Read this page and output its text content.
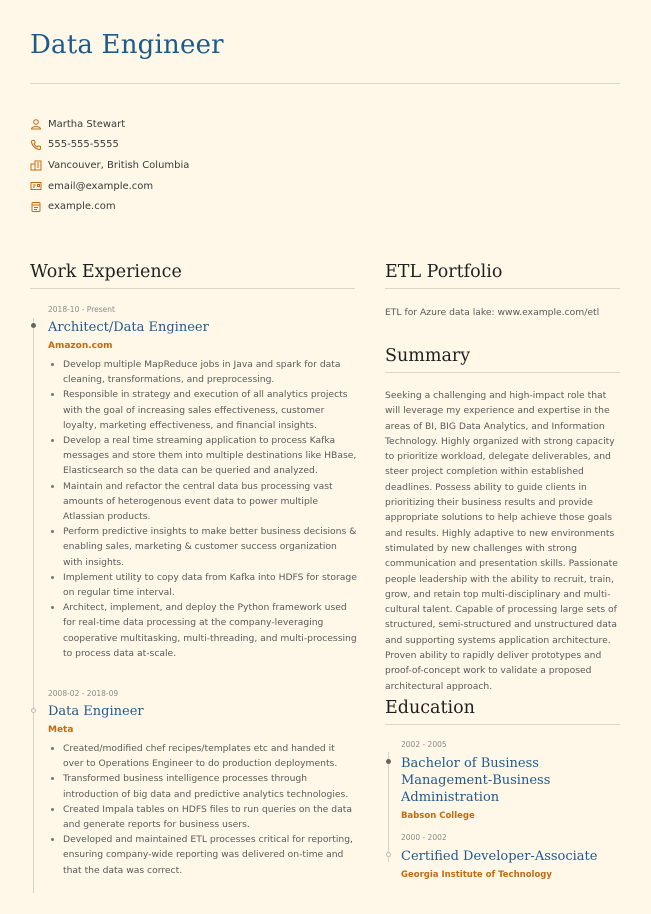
Data Engineer
Martha Stewart
555-555-5555
Vancouver, British Columbia
email@example.com
example.com
Work Experience
2018-10 - Present
Architect/Data Engineer
Amazon.com
• Develop multiple MapReduce jobs in Java and spark for data cleaning, transformations, and preprocessing.
• Responsible in strategy and execution of all analytics projects with the goal of increasing sales effectiveness, customer loyalty, marketing effectiveness, and financial insights.
• Develop a real time streaming application to process Kafka messages and store them into multiple destinations like HBase, Elasticsearch so the data can be queried and analyzed.
• Maintain and refactor the central data bus processing vast amounts of heterogenous event data to power multiple Atlassian products.
• Perform predictive insights to make better business decisions & enabling sales, marketing & customer success organization with insights.
• Implement utility to copy data from Kafka into HDFS for storage on regular time interval.
• Architect, implement, and deploy the Python framework used for real-time data processing at the company-leveraging cooperative multitasking, multi-threading, and multi-processing to process data at-scale.
2008-02 - 2018-09
Data Engineer
Meta
• Created/modified chef recipes/templates etc and handed it over to Operations Engineer to do production deployments.
• Transformed business intelligence processes through introduction of big data and predictive analytics technologies.
• Created Impala tables on HDFS files to run queries on the data and generate reports for business users.
• Developed and maintained ETL processes critical for reporting, ensuring company-wide reporting was delivered on-time and that the data was correct.
ETL Portfolio
ETL for Azure data lake: www.example.com/etl
Summary
Seeking a challenging and high-impact role that will leverage my experience and expertise in the areas of BI, BIG Data Analytics, and Information Technology. Highly organized with strong capacity to prioritize workload, delegate deliverables, and steer project completion within established deadlines. Possess ability to guide clients in prioritizing their business results and provide appropriate solutions to help achieve those goals and results. Highly adaptive to new environments stimulated by new challenges with strong communication and presentation skills. Passionate people leadership with the ability to recruit, train, grow, and retain top multi-disciplinary and multi-cultural talent. Capable of processing large sets of structured, semi-structured and unstructured data and supporting systems application architecture. Proven ability to rapidly deliver prototypes and proof-of-concept work to validate a proposed architectural approach.
Education
2002 - 2005
Bachelor of Business Management-Business Administration
Babson College
2000 - 2002
Certified Developer-Associate
Georgia Institute of Technology
